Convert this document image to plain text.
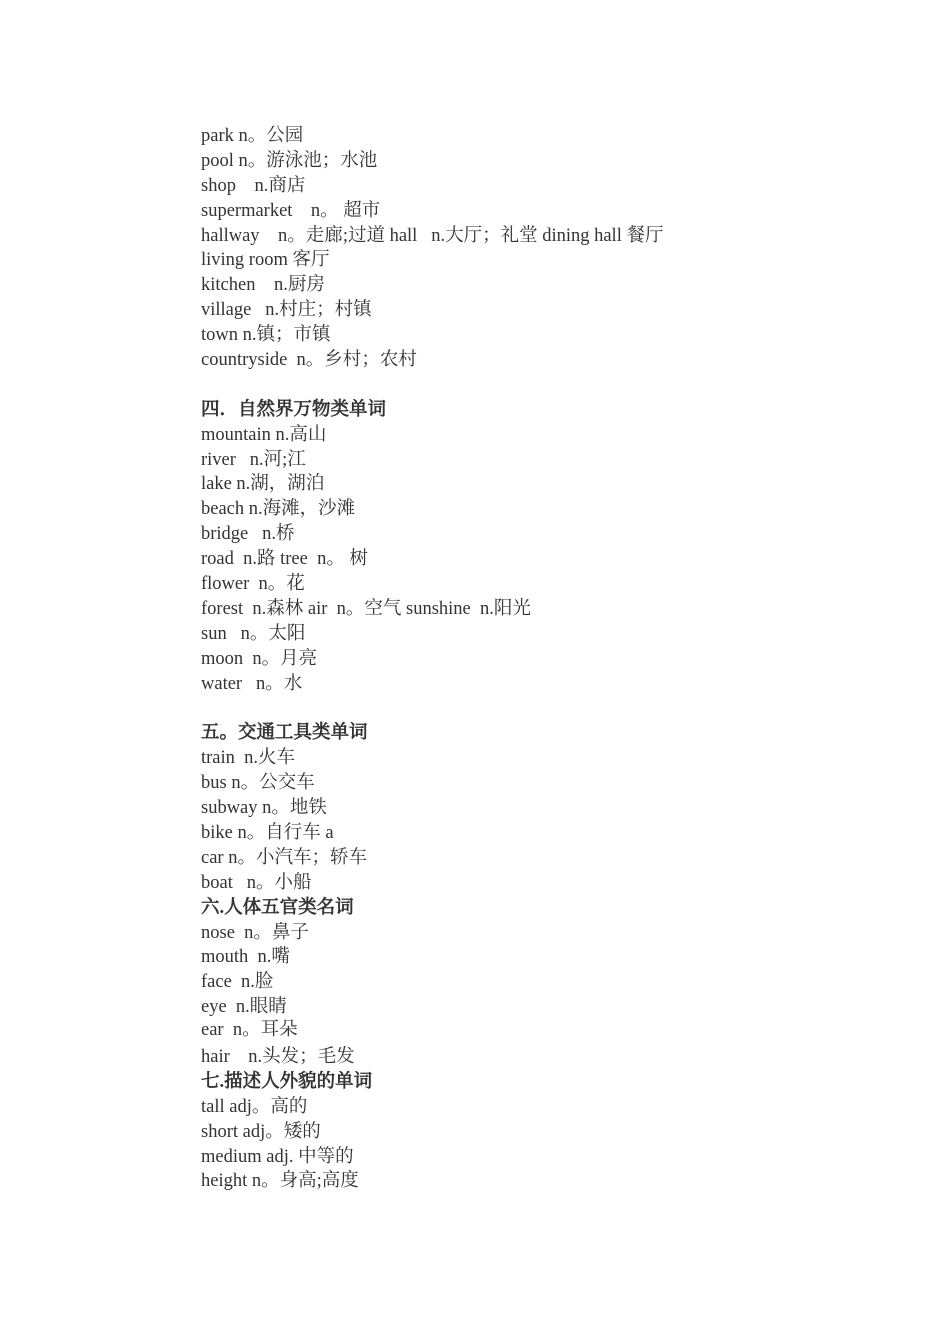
park n。公园
pool n。游泳池；水池
shop    n.商店
supermarket    n。 超市
hallway    n。走廊;过道 hall   n.大厅；礼堂 dining hall 餐厅
living room 客厅
kitchen    n.厨房
village   n.村庄；村镇
town n.镇；市镇
countryside  n。乡村；农村
四．自然界万物类单词
mountain n.高山
river   n.河;江
lake n.湖，湖泊
beach n.海滩，沙滩
bridge   n.桥
road  n.路 tree  n。 树
flower  n。花
forest  n.森林 air  n。空气 sunshine  n.阳光
sun   n。太阳
moon  n。月亮
water   n。水
五。交通工具类单词
train  n.火车
bus n。公交车
subway n。地铁
bike n。自行车 a
car n。小汽车；轿车
boat   n。小船
六.人体五官类名词
nose  n。鼻子
mouth  n.嘴
face  n.脸
eye  n.眼睛
ear  n。耳朵
hair    n.头发；毛发
七.描述人外貌的单词
tall adj。高的
short adj。矮的
medium adj. 中等的
height n。身高;高度
